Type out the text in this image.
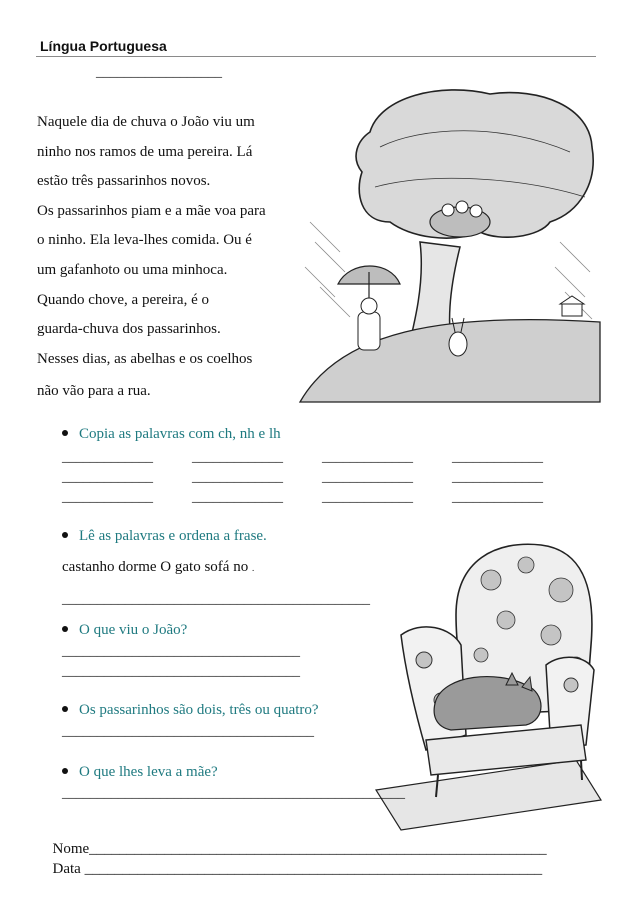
Língua Portuguesa
__________________
Naquele dia de chuva o João viu um
ninho nos ramos de uma pereira. Lá
estão três passarinhos novos.
Os passarinhos piam e a mãe voa para
o ninho. Ela leva-lhes comida. Ou é
um gafanhoto ou uma minhoca.
Quando chove, a pereira, é o
guarda-chuva dos passarinhos.
Nesses dias, as abelhas e os coelhos
não vão para a rua.
Copia as palavras com ch, nh e lh
_____________	_____________	_____________	_____________
_____________	_____________	_____________	_____________
_____________	_____________	_____________	_____________
Lê as palavras e ordena a frase.
castanho dorme O gato sofá no .
____________________________________________
O que viu o João?
__________________________________
__________________________________
Os passarinhos são dois, três ou quatro?
____________________________________
O que lhes leva a mãe?
_________________________________________________

Nome_____________________________________________________________

Data _____________________________________________________________
